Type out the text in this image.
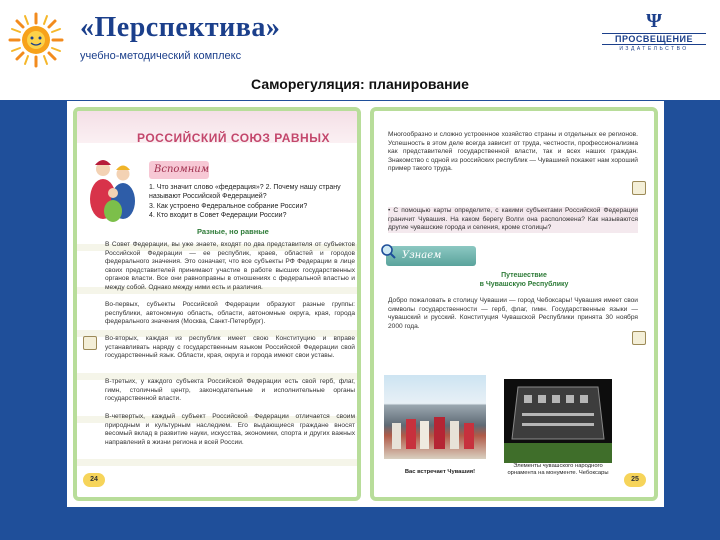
«Перспектива»
учебно-методический комплекс
Ψ
ПРОСВЕЩЕНИЕ
ИЗДАТЕЛЬСТВО
Саморегуляция: планирование
РОССИЙСКИЙ СОЮЗ РАВНЫХ
Вспомним
1. Что значит слово «федерация»? 2. Почему нашу страну называют Российской Федерацией?
3. Как устроено Федеральное собрание России?
4. Кто входит в Совет Федерации России?
Разные, но равные
В Совет Федерации, вы уже знаете, входят по два представителя от субъектов Российской Федерации — ее республик, краев, областей и городов федерального значения. Это означает, что все субъекты РФ Федерации в лице своих представителей принимают участие в работе высших государственных органов власти. Все они равноправны в отношениях с федеральной властью и между собой. Однако между ними есть и различия.
Во-первых, субъекты Российской Федерации образуют разные группы: республики, автономную область, области, автономные округа, края, города федерального значения (Москва, Санкт-Петербург).
Во-вторых, каждая из республик имеет свою Конституцию и вправе устанавливать наряду с государственным языком Российской Федерации свой государственный язык. Области, края, округа и города имеют свои уставы.
В-третьих, у каждого субъекта Российской Федерации есть свой герб, флаг, гимн, столичный центр, законодательные и исполнительные органы государственной власти.
В-четвертых, каждый субъект Российской Федерации отличается своим природным и культурным наследием. Его выдающиеся граждане вносят весомый вклад в развитие науки, искусства, экономики, спорта и других важных направлений в жизни региона и всей России.
24
Многообразно и сложно устроенное хозяйство страны и отдельных ее регионов. Успешность в этом деле всегда зависит от труда, честности, профессионализма как представителей государственной власти, так и всех наших граждан. Знакомство с одной из российских республик — Чувашией покажет нам хороший пример такого труда.
• С помощью карты определите, с какими субъектами Российской Федерации граничит Чувашия. На каком берегу Волги она расположена? Как называются другие чувашские города и селения, кроме столицы?
Узнаем подробнее	Путешествие
в Чувашскую Республику
Добро пожаловать в столицу Чувашии — город Чебоксары! Чувашия имеет свои символы государственности — герб, флаг, гимн. Государственные языки — чувашский и русский. Конституция Чувашской Республики принята 30 ноября 2000 года.
Вас встречает Чувашия!
Элементы чувашского народного орнамента на монументе. Чебоксары
25
